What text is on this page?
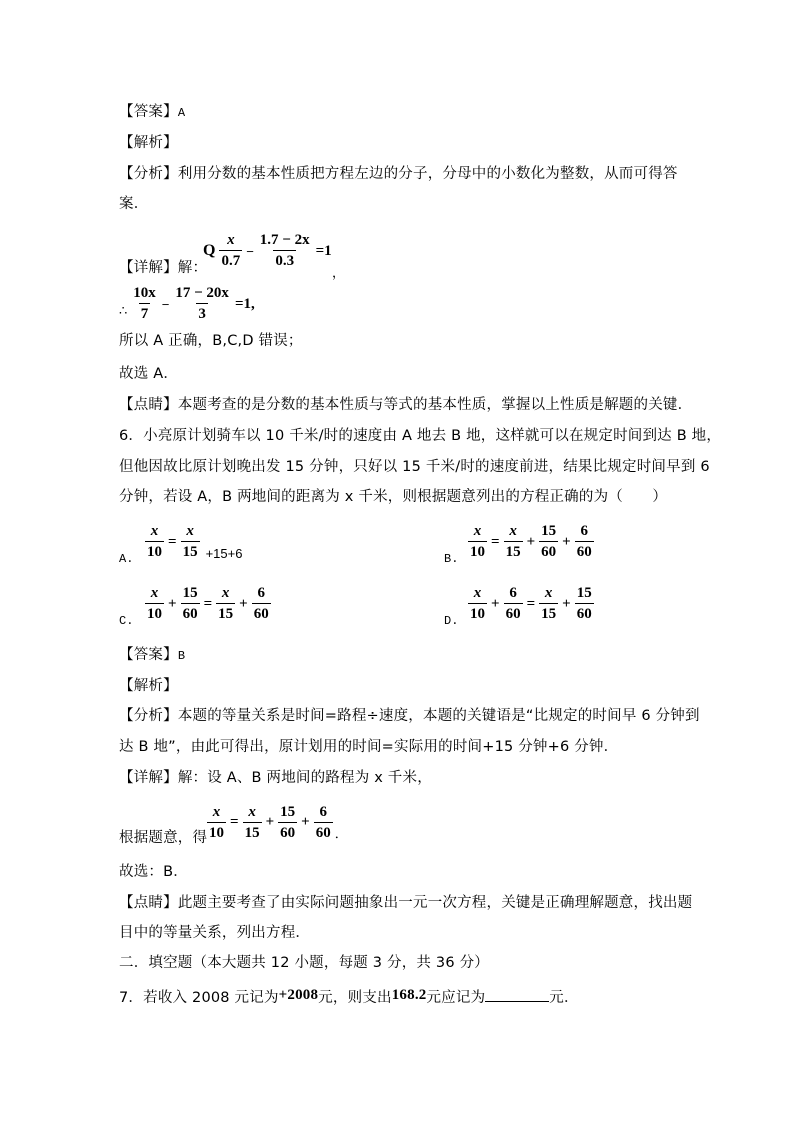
【答案】A
【解析】
【分析】利用分数的基本性质把方程左边的分子，分母中的小数化为整数，从而可得答
案．
【详解】解：
Q $\frac{x}{0.7} - \frac{1.7 - 2x}{0.3} =1$
，
∴ $\frac{10x}{7} - \frac{17 - 20x}{3} =1$,
所以 A 正确，B,C,D 错误；
故选 A．
【点睛】本题考查的是分数的基本性质与等式的基本性质，掌握以上性质是解题的关键．
6．小亮原计划骑车以 10 千米/时的速度由 A 地去 B 地，这样就可以在规定时间到达 B 地，
但他因故比原计划晚出发 15 分钟，只好以 15 千米/时的速度前进，结果比规定时间早到 6
分钟，若设 A，B 两地间的距离为 x 千米，则根据题意列出的方程正确的为（　　）
A. $\frac{x}{10} = \frac{x}{15} +15+6$	B. $\frac{x}{10} = \frac{x}{15} + \frac{15}{60} + \frac{6}{60}$
C. $\frac{x}{10} + \frac{15}{60} = \frac{x}{15} + \frac{6}{60}$	D. $\frac{x}{10} + \frac{6}{60} = \frac{x}{15} + \frac{15}{60}$
【答案】B
【解析】
【分析】本题的等量关系是时间=路程÷速度，本题的关键语是“比规定的时间早 6 分钟到
达 B 地”，由此可得出，原计划用的时间=实际用的时间+15 分钟+6 分钟．
【详解】解：设 A、B 两地间的路程为 x 千米，
根据题意，得 $\frac{x}{10} = \frac{x}{15} + \frac{15}{60} + \frac{6}{60}$ ．
故选：B．
【点睛】此题主要考查了由实际问题抽象出一元一次方程，关键是正确理解题意，找出题
目中的等量关系，列出方程．
二．填空题（本大题共 12 小题，每题 3 分，共 36 分）
7．若收入 2008 元记为+2008元，则支出168.2元应记为	元．
